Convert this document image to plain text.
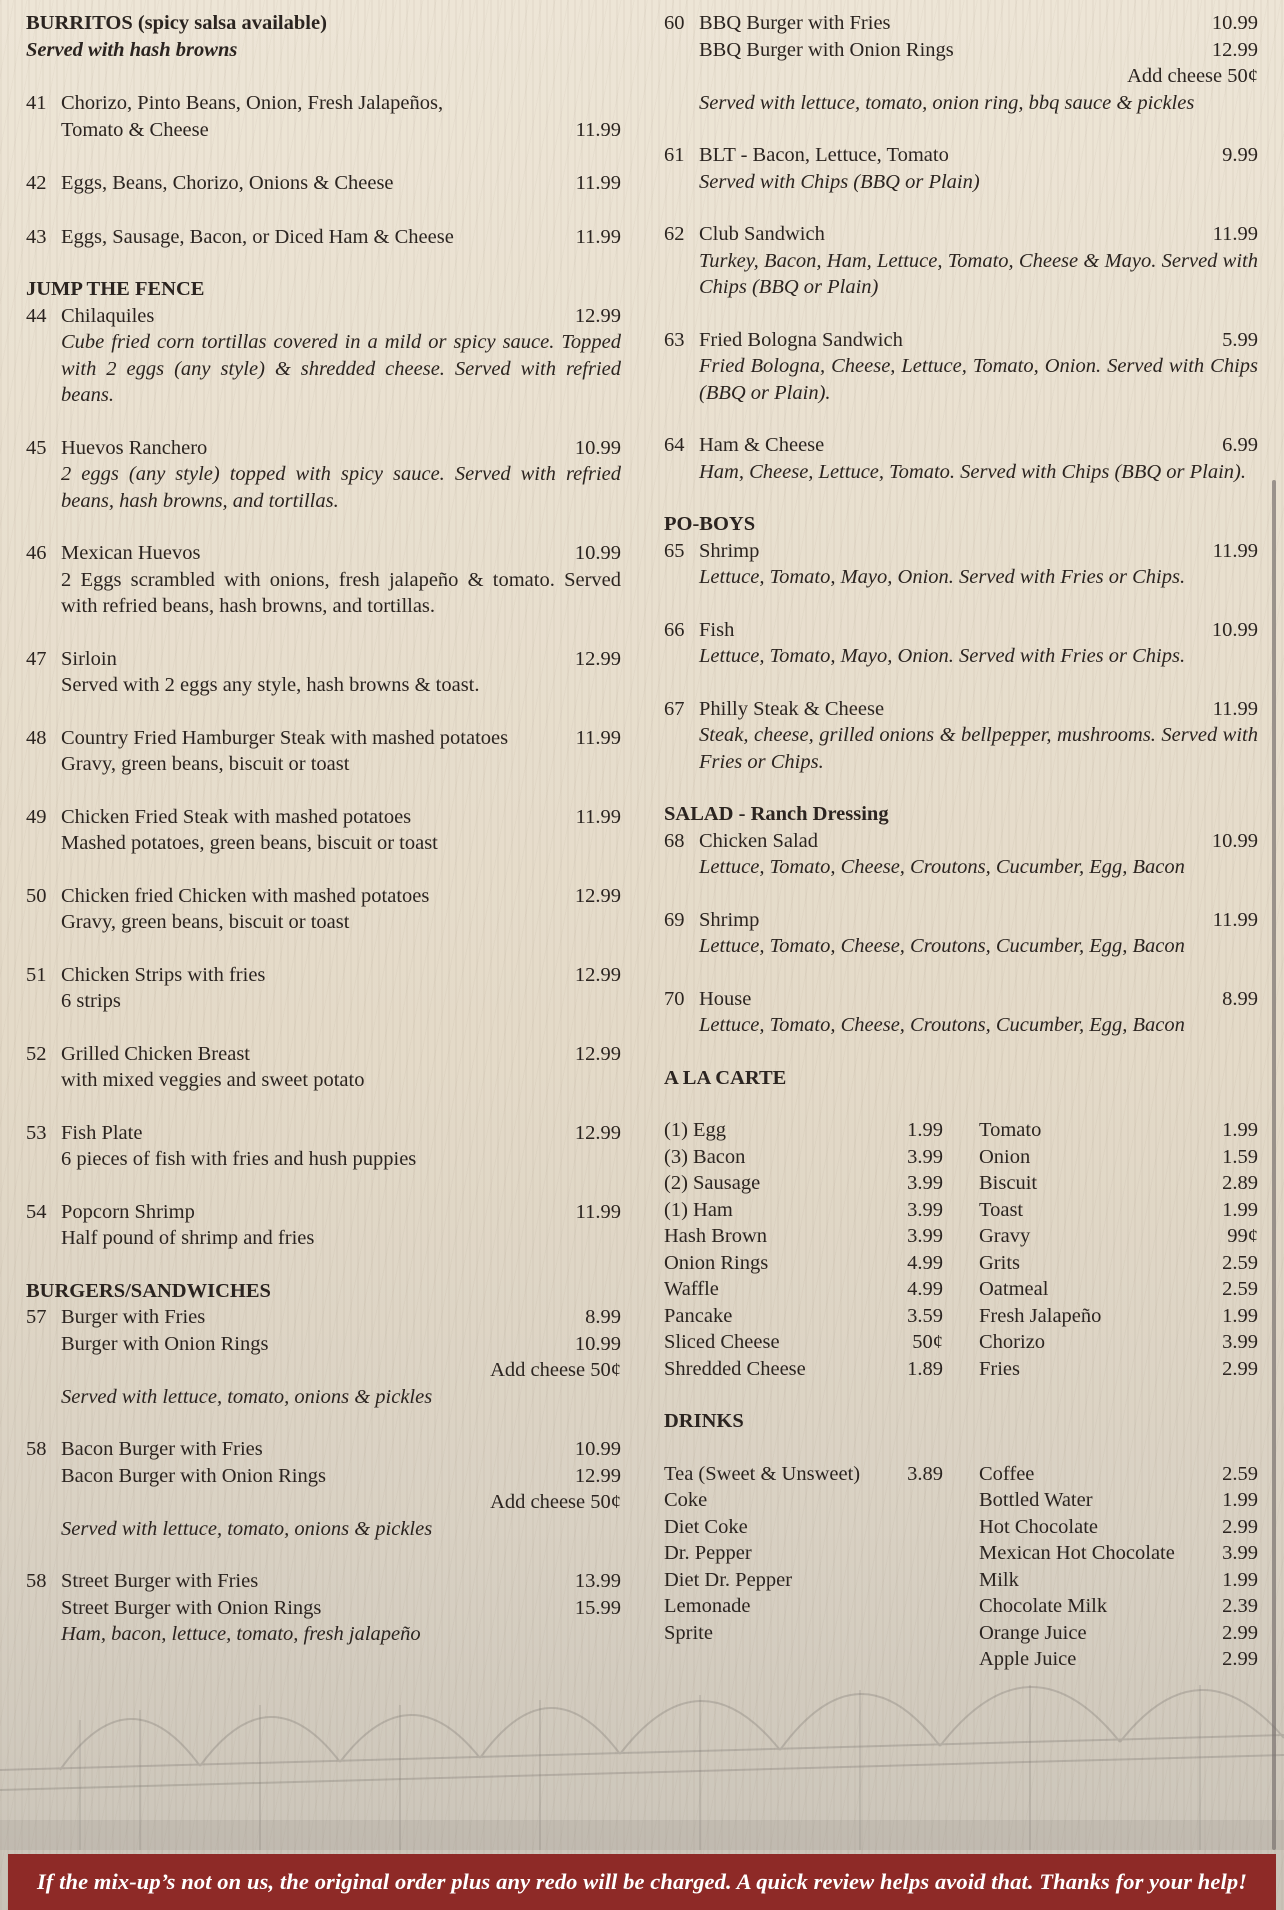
BURRITOS (spicy salsa available)
Served with hash browns
41 Chorizo, Pinto Beans, Onion, Fresh Jalapeños,
Tomato & Cheese	11.99
42 Eggs, Beans, Chorizo, Onions & Cheese	11.99
43 Eggs, Sausage, Bacon, or Diced Ham & Cheese	11.99
JUMP THE FENCE
44 Chilaquiles	12.99
Cube fried corn tortillas covered in a mild or spicy sauce. Topped with 2 eggs (any style) & shredded cheese. Served with refried beans.
45 Huevos Ranchero	10.99
2 eggs (any style) topped with spicy sauce. Served with refried beans, hash browns, and tortillas.
46 Mexican Huevos	10.99
2 Eggs scrambled with onions, fresh jalapeño & tomato. Served with refried beans, hash browns, and tortillas.
47 Sirloin	12.99
Served with 2 eggs any style, hash browns & toast.
48 Country Fried Hamburger Steak with mashed potatoes	11.99
Gravy, green beans, biscuit or toast
49 Chicken Fried Steak with mashed potatoes	11.99
Mashed potatoes, green beans, biscuit or toast
50 Chicken fried Chicken with mashed potatoes	12.99
Gravy, green beans, biscuit or toast
51 Chicken Strips with fries	12.99
6 strips
52 Grilled Chicken Breast	12.99
with mixed veggies and sweet potato
53 Fish Plate	12.99
6 pieces of fish with fries and hush puppies
54 Popcorn Shrimp	11.99
Half pound of shrimp and fries
BURGERS/SANDWICHES
57 Burger with Fries	8.99
Burger with Onion Rings	10.99
Add cheese 50¢
Served with lettuce, tomato, onions & pickles
58 Bacon Burger with Fries	10.99
Bacon Burger with Onion Rings	12.99
Add cheese 50¢
Served with lettuce, tomato, onions & pickles
58 Street Burger with Fries	13.99
Street Burger with Onion Rings	15.99
Ham, bacon, lettuce, tomato, fresh jalapeño
60 BBQ Burger with Fries	10.99
BBQ Burger with Onion Rings	12.99
Add cheese 50¢
Served with lettuce, tomato, onion ring, bbq sauce & pickles
61 BLT - Bacon, Lettuce, Tomato	9.99
Served with Chips (BBQ or Plain)
62 Club Sandwich	11.99
Turkey, Bacon, Ham, Lettuce, Tomato, Cheese & Mayo. Served with Chips (BBQ or Plain)
63 Fried Bologna Sandwich	5.99
Fried Bologna, Cheese, Lettuce, Tomato, Onion. Served with Chips (BBQ or Plain).
64 Ham & Cheese	6.99
Ham, Cheese, Lettuce, Tomato. Served with Chips (BBQ or Plain).
PO-BOYS
65 Shrimp	11.99
Lettuce, Tomato, Mayo, Onion. Served with Fries or Chips.
66 Fish	10.99
Lettuce, Tomato, Mayo, Onion. Served with Fries or Chips.
67 Philly Steak & Cheese	11.99
Steak, cheese, grilled onions & bellpepper, mushrooms. Served with Fries or Chips.
SALAD - Ranch Dressing
68 Chicken Salad	10.99
Lettuce, Tomato, Cheese, Croutons, Cucumber, Egg, Bacon
69 Shrimp	11.99
Lettuce, Tomato, Cheese, Croutons, Cucumber, Egg, Bacon
70 House	8.99
Lettuce, Tomato, Cheese, Croutons, Cucumber, Egg, Bacon
A LA CARTE
(1) Egg	1.99
(3) Bacon	3.99
(2) Sausage	3.99
(1) Ham	3.99
Hash Brown	3.99
Onion Rings	4.99
Waffle	4.99
Pancake	3.59
Sliced Cheese	50¢
Shredded Cheese	1.89
Tomato	1.99
Onion	1.59
Biscuit	2.89
Toast	1.99
Gravy	99¢
Grits	2.59
Oatmeal	2.59
Fresh Jalapeño	1.99
Chorizo	3.99
Fries	2.99
DRINKS
Tea (Sweet & Unsweet) 3.89
Coke
Diet Coke
Dr. Pepper
Diet Dr. Pepper
Lemonade
Sprite
Coffee	2.59
Bottled Water	1.99
Hot Chocolate	2.99
Mexican Hot Chocolate 3.99
Milk	1.99
Chocolate Milk	2.39
Orange Juice	2.99
Apple Juice	2.99
If the mix-up’s not on us, the original order plus any redo will be charged. A quick review helps avoid that. Thanks for your help!
